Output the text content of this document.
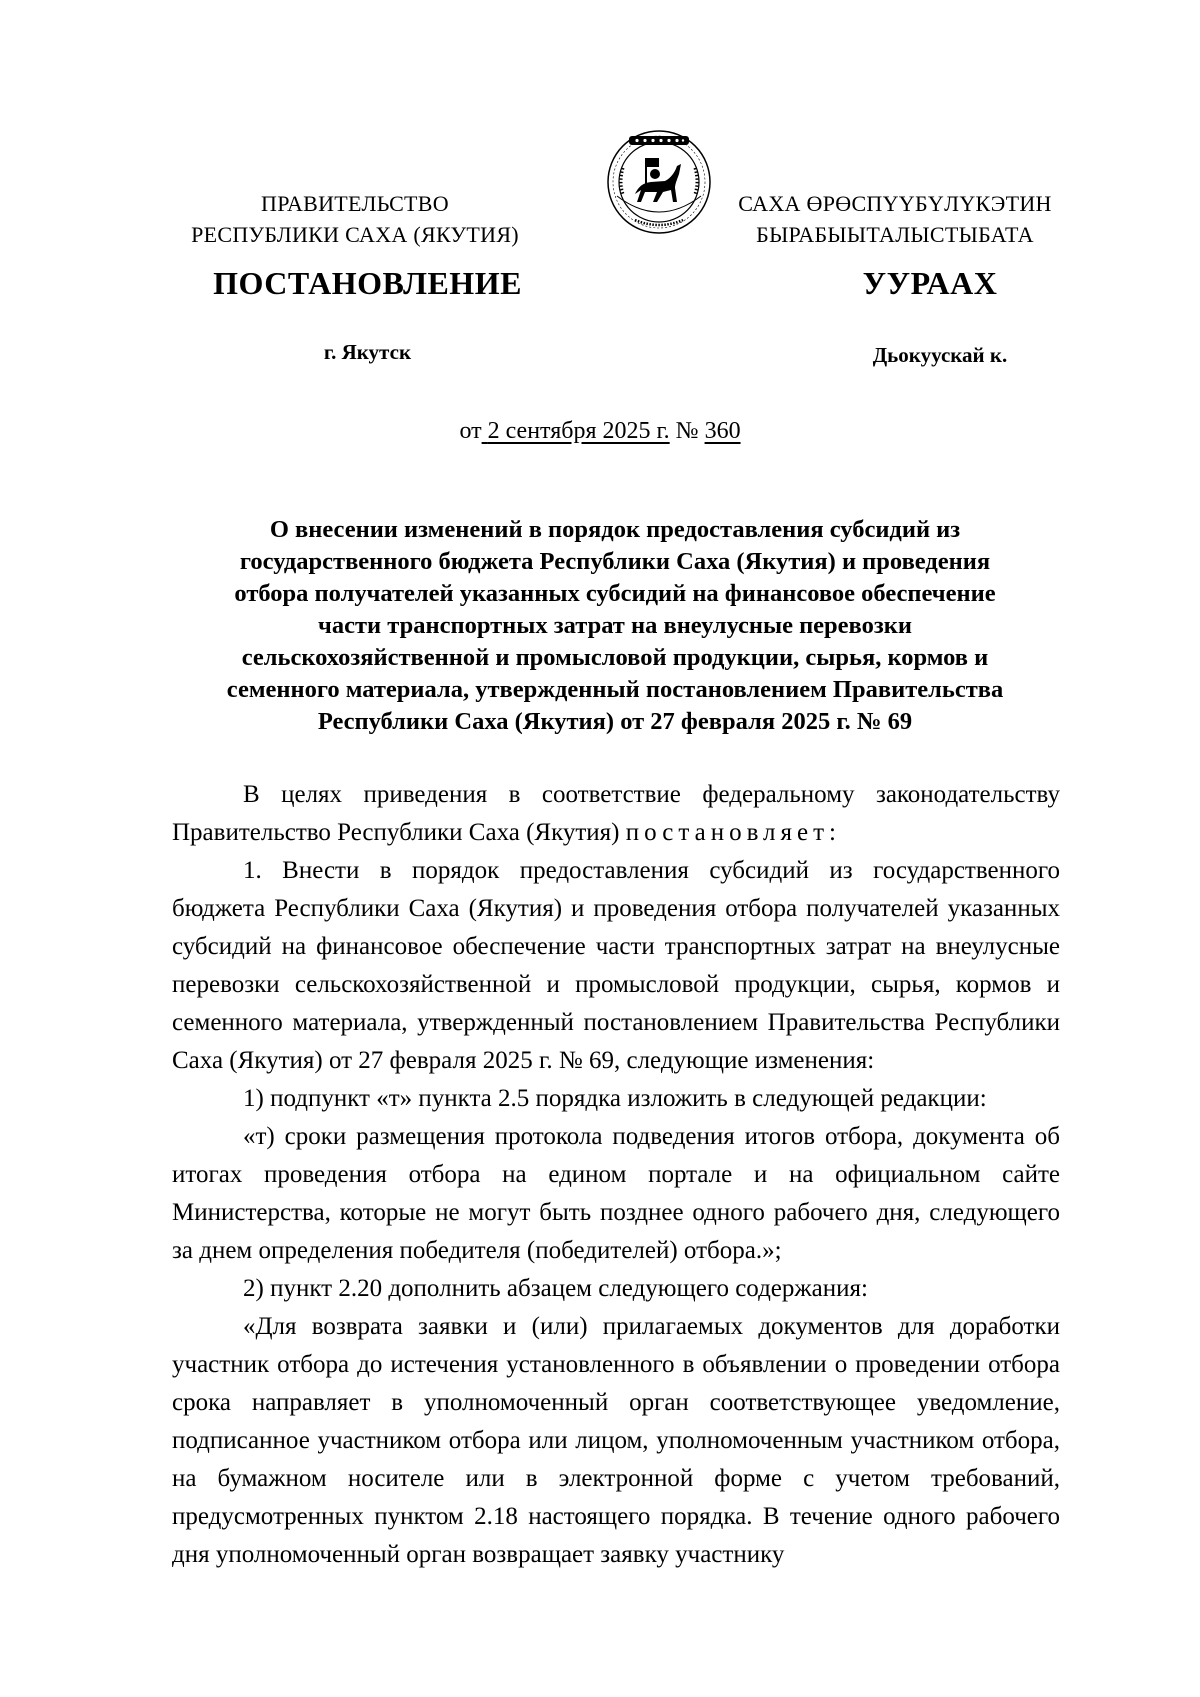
ПРАВИТЕЛЬСТВО
РЕСПУБЛИКИ САХА (ЯКУТИЯ)
САХА ӨРӨСПҮҮБҮЛҮКЭТИН
БЫРАБЫЫТАЛЫСТЫБАТА
ПОСТАНОВЛЕНИЕ	УУРААХ
г. Якутск	Дьокуускай к.
от 2 сентября 2025 г. № 360
О внесении изменений в порядок предоставления субсидий из
государственного бюджета Республики Саха (Якутия) и проведения
отбора получателей указанных субсидий на финансовое обеспечение
части транспортных затрат на внеулусные перевозки
сельскохозяйственной и промысловой продукции, сырья, кормов и
семенного материала, утвержденный постановлением Правительства
Республики Саха (Якутия) от 27 февраля 2025 г. № 69

В целях приведения в соответствие федеральному законодательству Правительство Республики Саха (Якутия) постановляет:

1. Внести в порядок предоставления субсидий из государственного бюджета Республики Саха (Якутия) и проведения отбора получателей указанных субсидий на финансовое обеспечение части транспортных затрат на внеулусные перевозки сельскохозяйственной и промысловой продукции, сырья, кормов и семенного материала, утвержденный постановлением Правительства Республики Саха (Якутия) от 27 февраля 2025 г. № 69, следующие изменения:

1) подпункт «т» пункта 2.5 порядка изложить в следующей редакции:

«т) сроки размещения протокола подведения итогов отбора, документа об итогах проведения отбора на едином портале и на официальном сайте Министерства, которые не могут быть позднее одного рабочего дня, следующего за днем определения победителя (победителей) отбора.»;

2) пункт 2.20 дополнить абзацем следующего содержания:

«Для возврата заявки и (или) прилагаемых документов для доработки участник отбора до истечения установленного в объявлении о проведении отбора срока направляет в уполномоченный орган соответствующее уведомление, подписанное участником отбора или лицом, уполномоченным участником отбора, на бумажном носителе или в электронной форме с учетом требований, предусмотренных пунктом 2.18 настоящего порядка. В течение одного рабочего дня уполномоченный орган возвращает заявку участнику
